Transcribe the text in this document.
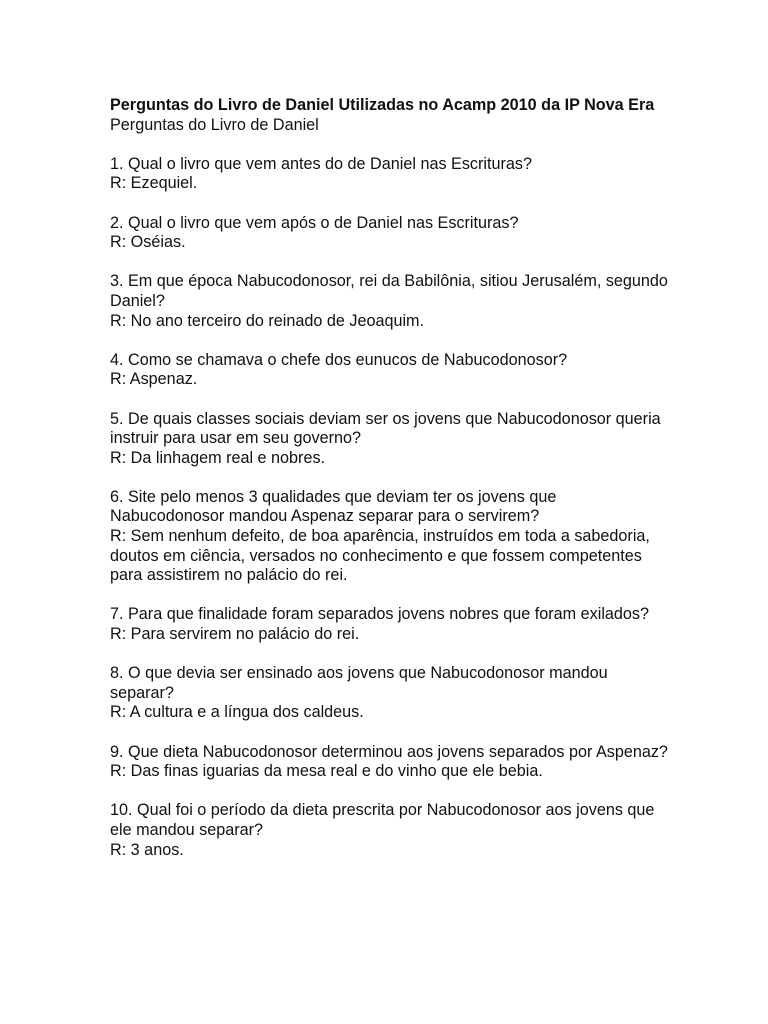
Perguntas do Livro de Daniel Utilizadas no Acamp 2010 da IP Nova Era

Perguntas do Livro de Daniel

1. Qual o livro que vem antes do de Daniel nas Escrituras?

R: Ezequiel.

2. Qual o livro que vem após o de Daniel nas Escrituras?

R: Oséias.

3. Em que época Nabucodonosor, rei da Babilônia, sitiou Jerusalém, segundo Daniel?

R: No ano terceiro do reinado de Jeoaquim.

4. Como se chamava o chefe dos eunucos de Nabucodonosor?

R: Aspenaz.

5. De quais classes sociais deviam ser os jovens que Nabucodonosor queria instruir para usar em seu governo?

R: Da linhagem real e nobres.

6. Site pelo menos 3 qualidades que deviam ter os jovens que Nabucodonosor mandou Aspenaz separar para o servirem?

R: Sem nenhum defeito, de boa aparência, instruídos em toda a sabedoria, doutos em ciência, versados no conhecimento e que fossem competentes para assistirem no palácio do rei.

7. Para que finalidade foram separados jovens nobres que foram exilados?

R: Para servirem no palácio do rei.

8. O que devia ser ensinado aos jovens que Nabucodonosor mandou separar?

R: A cultura e a língua dos caldeus.

9. Que dieta Nabucodonosor determinou aos jovens separados por Aspenaz?

R: Das finas iguarias da mesa real e do vinho que ele bebia.

10. Qual foi o período da dieta prescrita por Nabucodonosor aos jovens que ele mandou separar?

R: 3 anos.
